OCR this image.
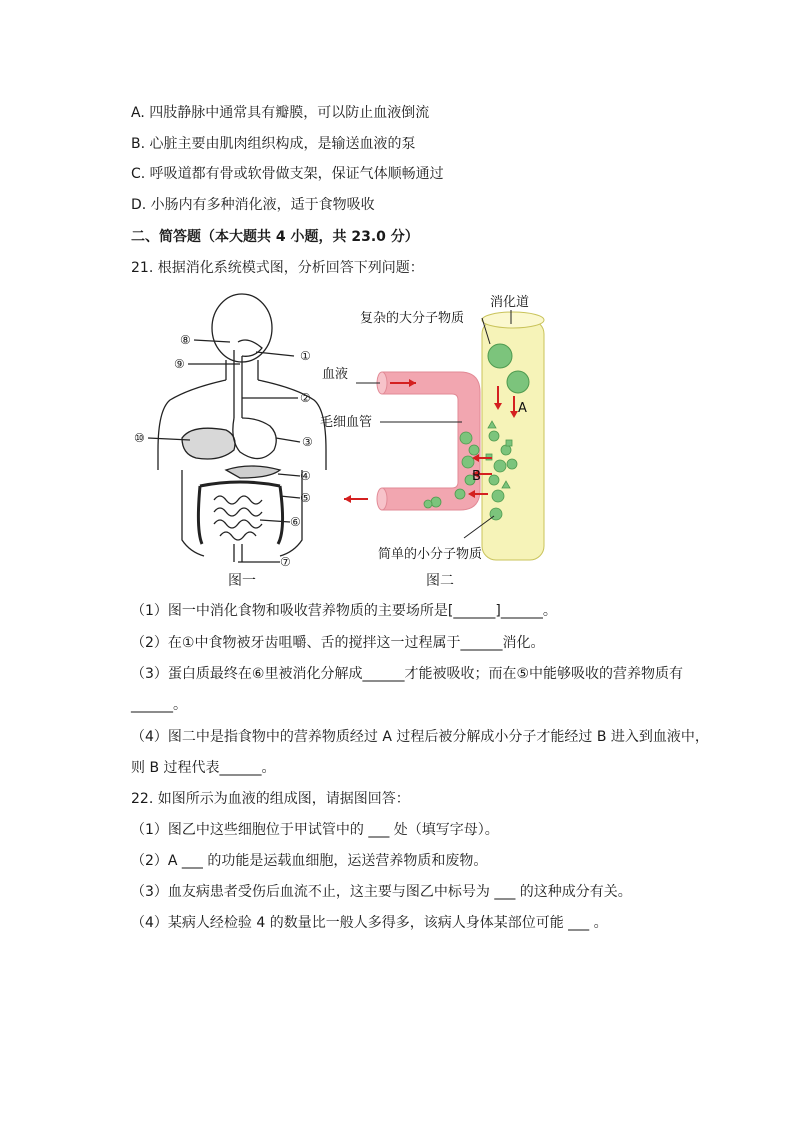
A. 四肢静脉中通常具有瓣膜，可以防止血液倒流
B. 心脏主要由肌肉组织构成，是输送血液的泵
C. 呼吸道都有骨或软骨做支架，保证气体顺畅通过
D. 小肠内有多种消化液，适于食物吸收
二、简答题（本大题共 4 小题，共 23.0 分）
21. 根据消化系统模式图，分析回答下列问题：
①
②
③
④
⑤
⑥
⑦
⑧
⑨
⑩
消化道
复杂的大分子物质
血液
毛细血管
简单的小分子物质
A
B
图一	图二
（1）图一中消化食物和吸收营养物质的主要场所是[______]______。
（2）在①中食物被牙齿咀嚼、舌的搅拌这一过程属于______消化。
（3）蛋白质最终在⑥里被消化分解成______才能被吸收；而在⑤中能够吸收的营养物质有
______。
（4）图二中是指食物中的营养物质经过 A 过程后被分解成小分子才能经过 B 进入到血液中，
则 B 过程代表______。
22. 如图所示为血液的组成图，请据图回答：
（1）图乙中这些细胞位于甲试管中的 ___ 处（填写字母）。
（2）A ___ 的功能是运载血细胞，运送营养物质和废物。
（3）血友病患者受伤后血流不止，这主要与图乙中标号为 ___ 的这种成分有关。
（4）某病人经检验 4 的数量比一般人多得多，该病人身体某部位可能 ___ 。
